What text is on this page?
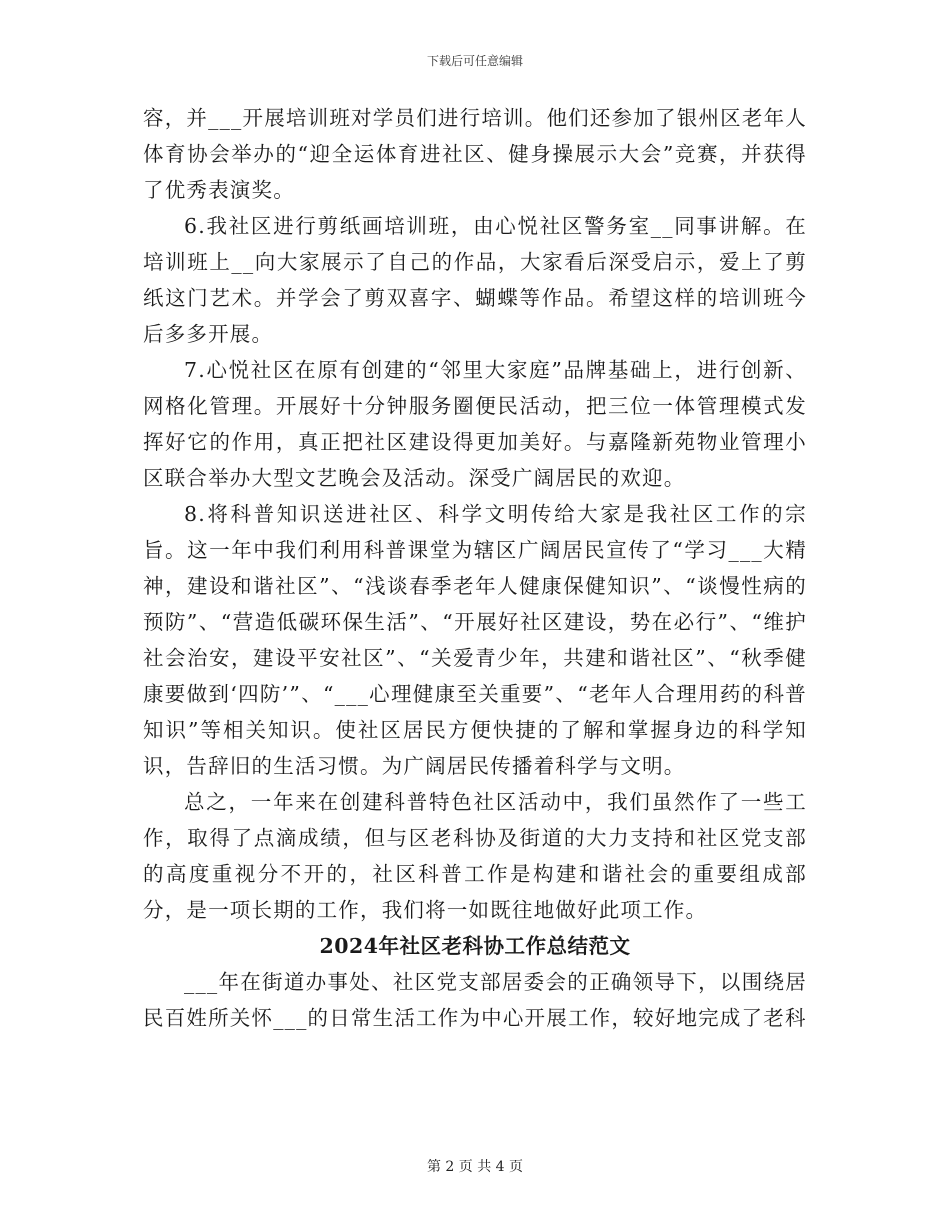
下载后可任意编辑

容，并___开展培训班对学员们进行培训。他们还参加了银州区老年人体育协会举办的“迎全运体育进社区、健身操展示大会”竞赛，并获得了优秀表演奖。

6.我社区进行剪纸画培训班，由心悦社区警务室__同事讲解。在培训班上__向大家展示了自己的作品，大家看后深受启示，爱上了剪纸这门艺术。并学会了剪双喜字、蝴蝶等作品。希望这样的培训班今后多多开展。

7.心悦社区在原有创建的“邻里大家庭”品牌基础上，进行创新、网格化管理。开展好十分钟服务圈便民活动，把三位一体管理模式发挥好它的作用，真正把社区建设得更加美好。与嘉隆新苑物业管理小区联合举办大型文艺晚会及活动。深受广阔居民的欢迎。

8.将科普知识送进社区、科学文明传给大家是我社区工作的宗旨。这一年中我们利用科普课堂为辖区广阔居民宣传了“学习___大精神，建设和谐社区”、“浅谈春季老年人健康保健知识”、“谈慢性病的预防”、“营造低碳环保生活”、“开展好社区建设，势在必行”、“维护社会治安，建设平安社区”、“关爱青少年，共建和谐社区”、“秋季健康要做到‘四防’”、“___心理健康至关重要”、“老年人合理用药的科普知识”等相关知识。使社区居民方便快捷的了解和掌握身边的科学知识，告辞旧的生活习惯。为广阔居民传播着科学与文明。

总之，一年来在创建科普特色社区活动中，我们虽然作了一些工作，取得了点滴成绩，但与区老科协及街道的大力支持和社区党支部的高度重视分不开的，社区科普工作是构建和谐社会的重要组成部分，是一项长期的工作，我们将一如既往地做好此项工作。

2024年社区老科协工作总结范文

___年在街道办事处、社区党支部居委会的正确领导下，以围绕居民百姓所关怀___的日常生活工作为中心开展工作，较好地完成了老科

第 2 页 共 4 页
